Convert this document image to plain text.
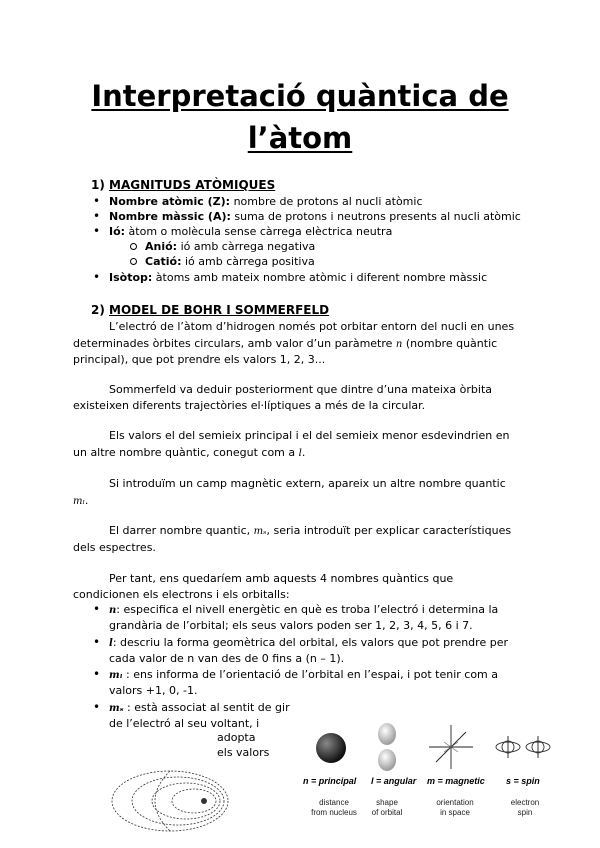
Interpretació quàntica de
l’àtom
1) MAGNITUDS ATÒMIQUES
• Nombre atòmic (Z): nombre de protons al nucli atòmic
• Nombre màssic (A): suma de protons i neutrons presents al nucli atòmic
• Ió: àtom o molècula sense càrrega elèctrica neutra
Anió: ió amb càrrega negativa
Catió: ió amb càrrega positiva
• Isòtop: àtoms amb mateix nombre atòmic i diferent nombre màssic
2) MODEL DE BOHR I SOMMERFELD
L’electró de l’àtom d’hidrogen només pot orbitar entorn del nucli en unes
determinades òrbites circulars, amb valor d’un paràmetre n (nombre quàntic
principal), que pot prendre els valors 1, 2, 3...
Sommerfeld va deduir posteriorment que dintre d’una mateixa òrbita
existeixen diferents trajectòries el·líptiques a més de la circular.
Els valors el del semieix principal i el del semieix menor esdevindrien en
un altre nombre quàntic, conegut com a l.
Si introduïm un camp magnètic extern, apareix un altre nombre quantic
mₗ.
El darrer nombre quantic, mₛ, seria introduït per explicar característiques
dels espectres.
Per tant, ens quedaríem amb aquests 4 nombres quàntics que
condicionen els electrons i els orbitalls:
• n: especifica el nivell energètic en què es troba l’electró i determina la
grandària de l’orbital; els seus valors poden ser 1, 2, 3, 4, 5, 6 i 7.
• l: descriu la forma geomètrica del orbital, els valors que pot prendre per
cada valor de n van des de 0 fins a (n – 1).
• mₗ : ens informa de l’orientació de l’orbital en l’espai, i pot tenir com a
valors +1, 0, -1.
• mₛ : està associat al sentit de gir
de l’electró al seu voltant, i
adopta
els valors
n = principal l = angular m = magnetic s = spin
distance
from nucleus
shape
of orbital
orientation
in space
electron
spin
